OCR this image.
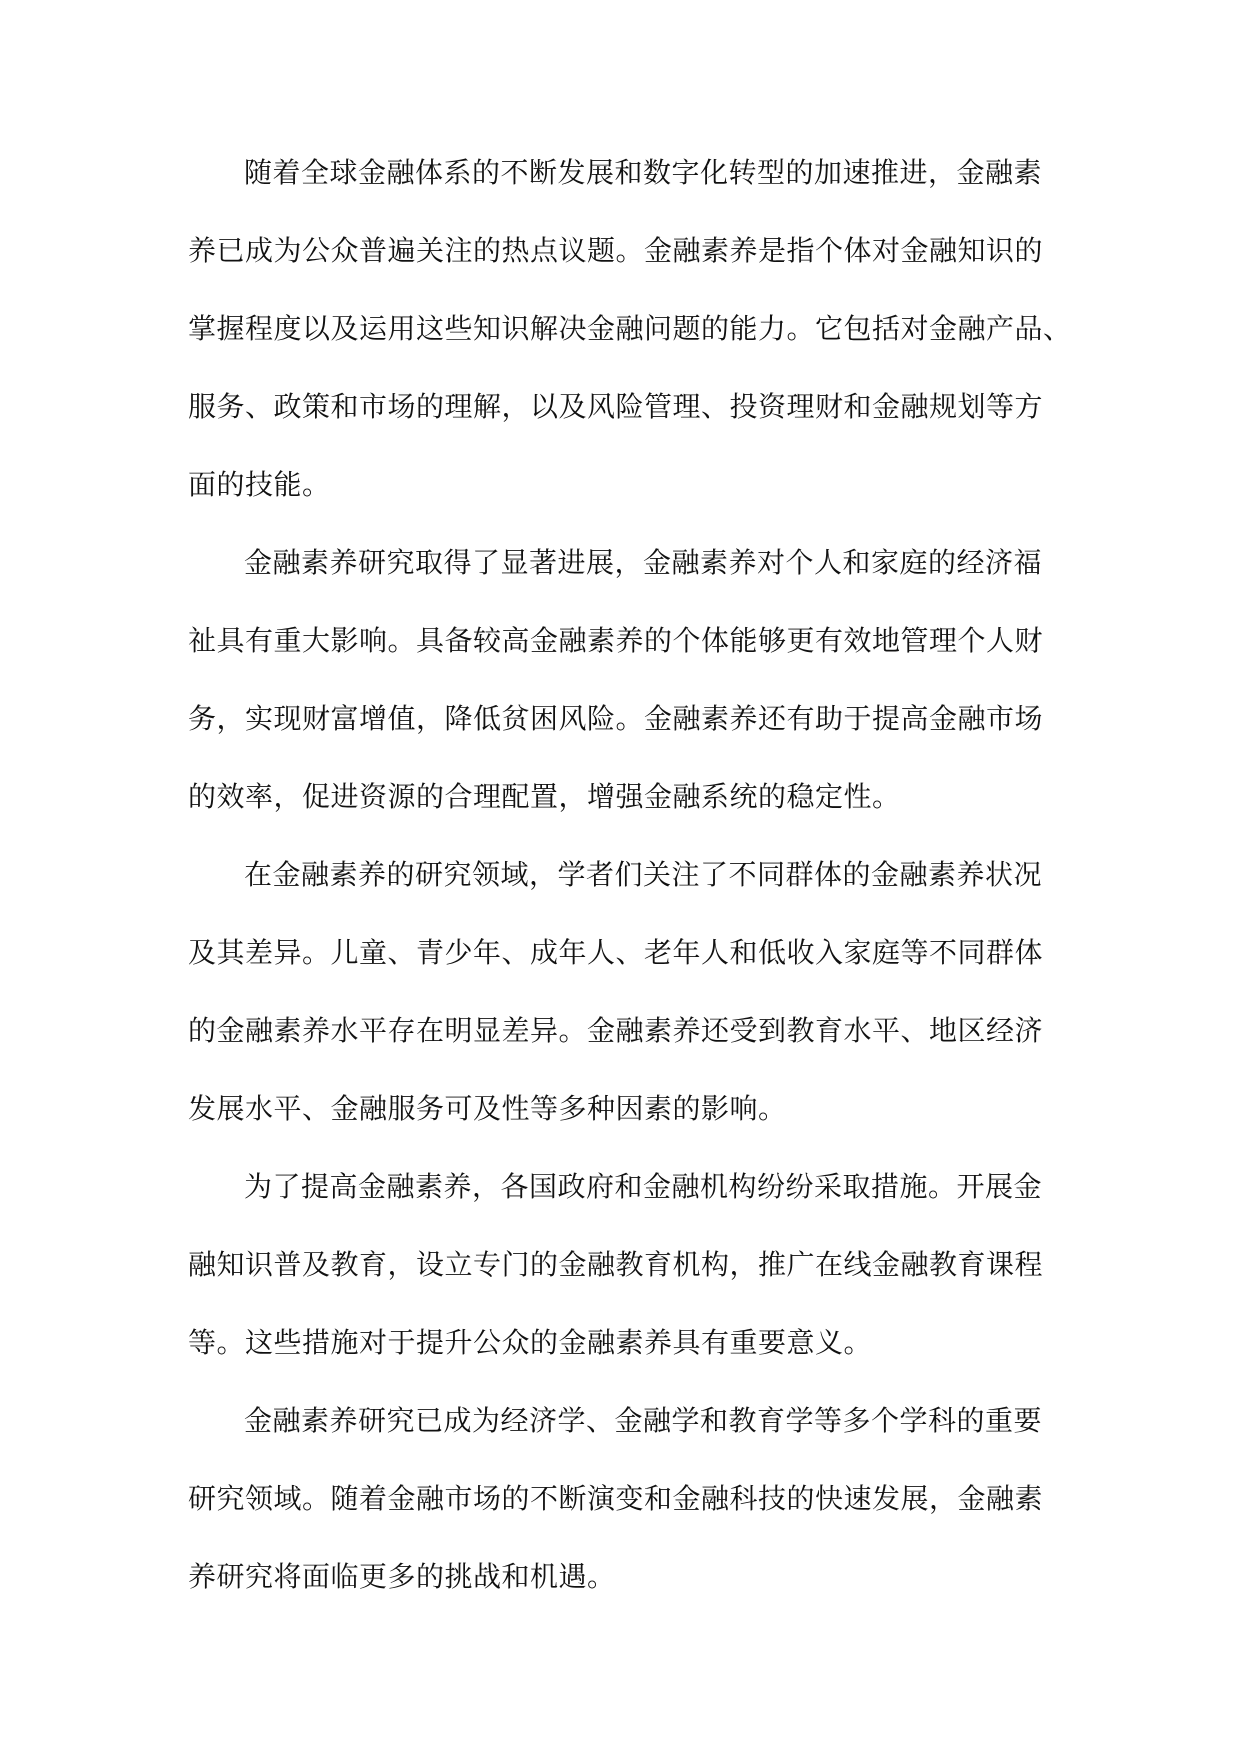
随着全球金融体系的不断发展和数字化转型的加速推进，金融素
养已成为公众普遍关注的热点议题。金融素养是指个体对金融知识的
掌握程度以及运用这些知识解决金融问题的能力。它包括对金融产品、
服务、政策和市场的理解，以及风险管理、投资理财和金融规划等方
面的技能。
金融素养研究取得了显著进展，金融素养对个人和家庭的经济福
祉具有重大影响。具备较高金融素养的个体能够更有效地管理个人财
务，实现财富增值，降低贫困风险。金融素养还有助于提高金融市场
的效率，促进资源的合理配置，增强金融系统的稳定性。
在金融素养的研究领域，学者们关注了不同群体的金融素养状况
及其差异。儿童、青少年、成年人、老年人和低收入家庭等不同群体
的金融素养水平存在明显差异。金融素养还受到教育水平、地区经济
发展水平、金融服务可及性等多种因素的影响。
为了提高金融素养，各国政府和金融机构纷纷采取措施。开展金
融知识普及教育，设立专门的金融教育机构，推广在线金融教育课程
等。这些措施对于提升公众的金融素养具有重要意义。
金融素养研究已成为经济学、金融学和教育学等多个学科的重要
研究领域。随着金融市场的不断演变和金融科技的快速发展，金融素
养研究将面临更多的挑战和机遇。
